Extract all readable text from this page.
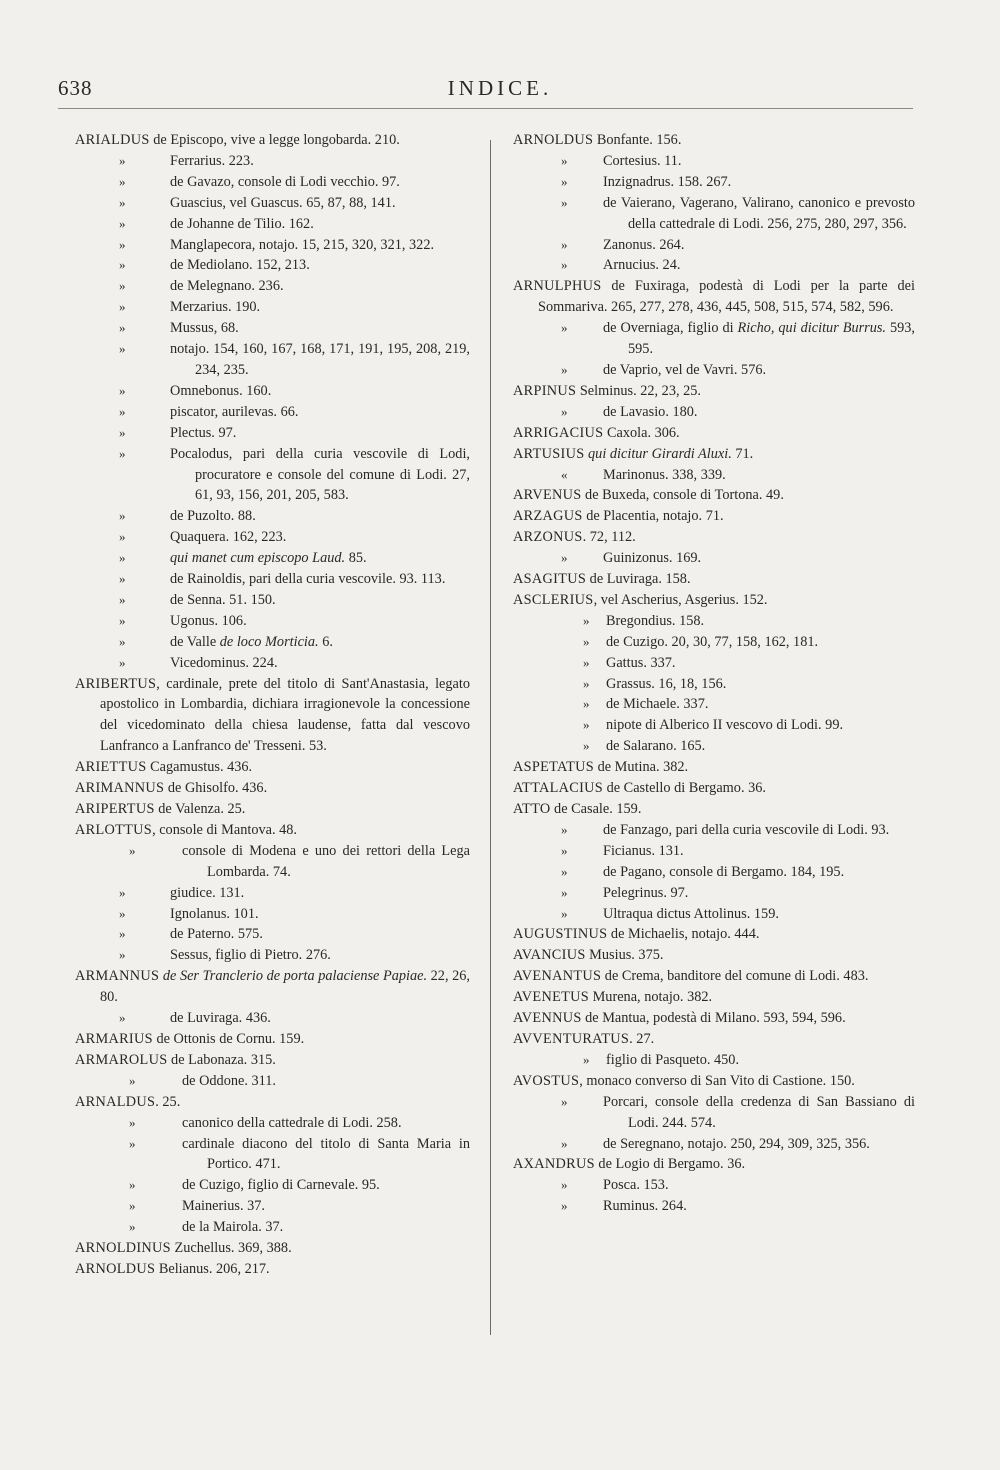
638	INDICE.
ARIALDUS de Episcopo, vive a legge longobarda. 210.
»	Ferrarius. 223.
»	de Gavazo, console di Lodi vecchio. 97.
»	Guascius, vel Guascus. 65, 87, 88, 141.
»	de Johanne de Tilio. 162.
»	Manglapecora, notajo. 15, 215, 320, 321, 322.
»	de Mediolano. 152, 213.
»	de Melegnano. 236.
»	Merzarius. 190.
»	Mussus, 68.
»	notajo. 154, 160, 167, 168, 171, 191, 195, 208, 219, 234, 235.
»	Omnebonus. 160.
»	piscator, aurilevas. 66.
»	Plectus. 97.
»	Pocalodus, pari della curia vescovile di Lodi, procuratore e console del comune di Lodi. 27, 61, 93, 156, 201, 205, 583.
»	de Puzolto. 88.
»	Quaquera. 162, 223.
»	qui manet cum episcopo Laud. 85.
»	de Rainoldis, pari della curia vescovile. 93. 113.
»	de Senna. 51. 150.
»	Ugonus. 106.
»	de Valle de loco Morticia. 6.
»	Vicedominus. 224.
ARIBERTUS, cardinale, prete del titolo di Sant'Anastasia, legato apostolico in Lombardia, dichiara irragionevole la concessione del vicedominato della chiesa laudense, fatta dal vescovo Lanfranco a Lanfranco de' Tresseni. 53.
ARIETTUS Cagamustus. 436.
ARIMANNUS de Ghisolfo. 436.
ARIPERTUS de Valenza. 25.
ARLOTTUS, console di Mantova. 48.
»	console di Modena e uno dei rettori della Lega Lombarda. 74.
»	giudice. 131.
»	Ignolanus. 101.
»	de Paterno. 575.
»	Sessus, figlio di Pietro. 276.
ARMANNUS de Ser Tranclerio de porta palaciense Papiae. 22, 26, 80.
»	de Luviraga. 436.
ARMARIUS de Ottonis de Cornu. 159.
ARMAROLUS de Labonaza. 315.
»	de Oddone. 311.
ARNALDUS. 25.
»	canonico della cattedrale di Lodi. 258.
»	cardinale diacono del titolo di Santa Maria in Portico. 471.
»	de Cuzigo, figlio di Carnevale. 95.
»	Mainerius. 37.
»	de la Mairola. 37.
ARNOLDINUS Zuchellus. 369, 388.
ARNOLDUS Belianus. 206, 217.
ARNOLDUS Bonfante. 156.
» Cortesius. 11.
» Inzignadrus. 158. 267.
» de Vaierano, Vagerano, Valirano, canonico e prevosto della cattedrale di Lodi. 256, 275, 280, 297, 356.
» Zanonus. 264.
» Arnucius. 24.
ARNULPHUS de Fuxiraga, podestà di Lodi per la parte dei Sommariva. 265, 277, 278, 436, 445, 508, 515, 574, 582, 596.
» de Overniaga, figlio di Richo, qui dicitur Burrus. 593, 595.
» de Vaprio, vel de Vavri. 576.
ARPINUS Selminus. 22, 23, 25.
» de Lavasio. 180.
ARRIGACIUS Caxola. 306.
ARTUSIUS qui dicitur Girardi Aluxi. 71.
« Marinonus. 338, 339.
ARVENUS de Buxeda, console di Tortona. 49.
ARZAGUS de Placentia, notajo. 71.
ARZONUS. 72, 112.
» Guinizonus. 169.
ASAGITUS de Luviraga. 158.
ASCLERIUS, vel Ascherius, Asgerius. 152.
» Bregondius. 158.
» de Cuzigo. 20, 30, 77, 158, 162, 181.
» Gattus. 337.
» Grassus. 16, 18, 156.
» de Michaele. 337.
» nipote di Alberico II vescovo di Lodi. 99.
» de Salarano. 165.
ASPETATUS de Mutina. 382.
ATTALACIUS de Castello di Bergamo. 36.
ATTO de Casale. 159.
» de Fanzago, pari della curia vescovile di Lodi. 93.
» Ficianus. 131.
» de Pagano, console di Bergamo. 184, 195.
» Pelegrinus. 97.
» Ultraqua dictus Attolinus. 159.
AUGUSTINUS de Michaelis, notajo. 444.
AVANCIUS Musius. 375.
AVENANTUS de Crema, banditore del comune di Lodi. 483.
AVENETUS Murena, notajo. 382.
AVENNUS de Mantua, podestà di Milano. 593, 594, 596.
AVVENTURATUS. 27.
» figlio di Pasqueto. 450.
AVOSTUS, monaco converso di San Vito di Castione. 150.
» Porcari, console della credenza di San Bassiano di Lodi. 244. 574.
» de Seregnano, notajo. 250, 294, 309, 325, 356.
AXANDRUS de Logio di Bergamo. 36.
» Posca. 153.
» Ruminus. 264.
